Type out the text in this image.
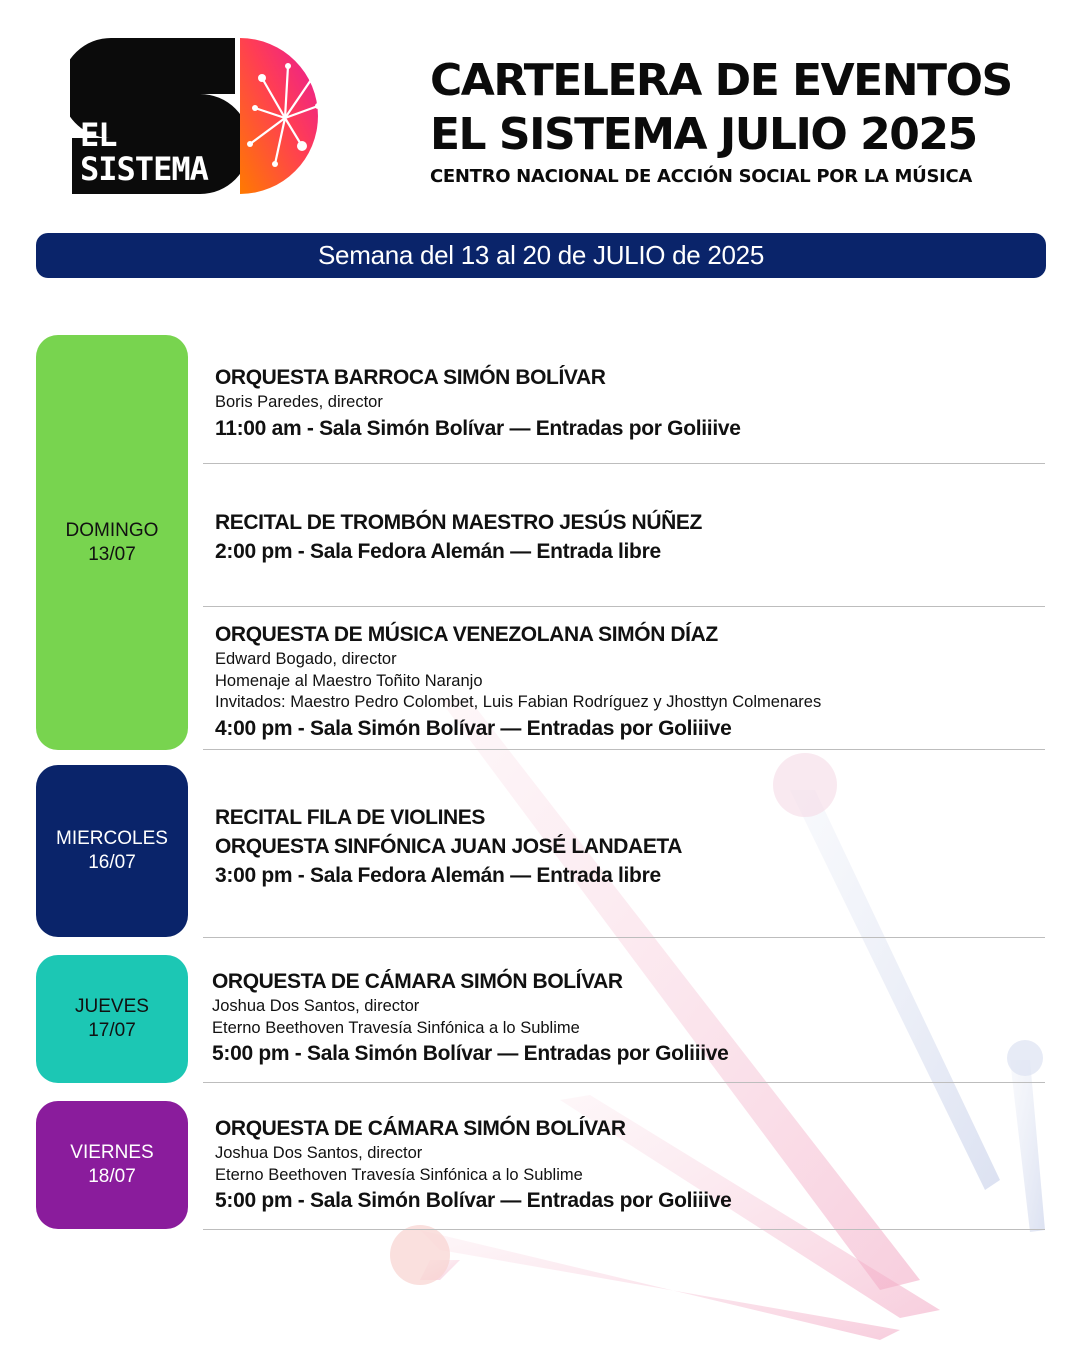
EL
SISTEMA
CARTELERA DE EVENTOS
EL SISTEMA JULIO 2025
CENTRO NACIONAL DE ACCIÓN SOCIAL POR LA MÚSICA
Semana del 13 al 20 de JULIO de 2025
DOMINGO
13/07
MIERCOLES
16/07
JUEVES
17/07
VIERNES
18/07
ORQUESTA BARROCA SIMÓN BOLÍVAR
Boris Paredes, director
11:00 am - Sala Simón Bolívar — Entradas por Goliiive
RECITAL DE TROMBÓN MAESTRO JESÚS NÚÑEZ
2:00 pm - Sala Fedora Alemán — Entrada libre
ORQUESTA DE MÚSICA VENEZOLANA SIMÓN DÍAZ
Edward Bogado, director
Homenaje al Maestro Toñito Naranjo
Invitados: Maestro Pedro Colombet, Luis Fabian Rodríguez y Jhosttyn Colmenares
4:00 pm - Sala Simón Bolívar — Entradas por Goliiive
RECITAL FILA DE VIOLINES
ORQUESTA SINFÓNICA JUAN JOSÉ LANDAETA
3:00 pm - Sala Fedora Alemán — Entrada libre
ORQUESTA DE CÁMARA SIMÓN BOLÍVAR
Joshua Dos Santos, director
Eterno Beethoven Travesía Sinfónica a lo Sublime
5:00 pm - Sala Simón Bolívar — Entradas por Goliiive
ORQUESTA DE CÁMARA SIMÓN BOLÍVAR
Joshua Dos Santos, director
Eterno Beethoven Travesía Sinfónica a lo Sublime
5:00 pm - Sala Simón Bolívar — Entradas por Goliiive
